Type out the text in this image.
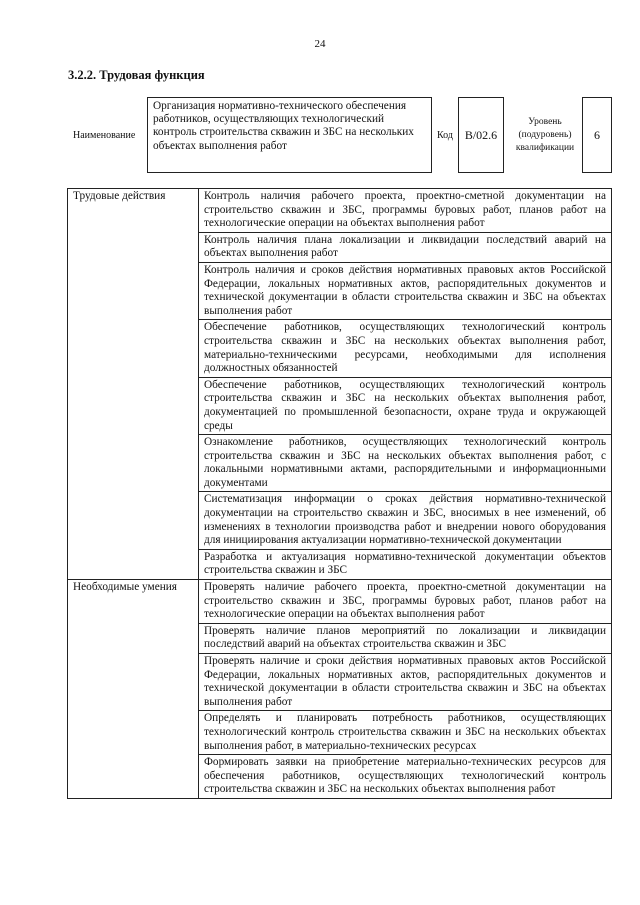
24
3.2.2. Трудовая функция
Наименование
Организация нормативно-технического обеспечения работников, осуществляющих технологический контроль строительства скважин и ЗБС на нескольких объектах выполнения работ
Код В/02.6
Уровень
(подуровень)
квалификации
6
Трудовые действия	Контроль наличия рабочего проекта, проектно-сметной документации на строительство скважин и ЗБС, программы буровых работ, планов работ на технологические операции на объектах выполнения работ
	Контроль наличия плана локализации и ликвидации последствий аварий на объектах выполнения работ
	Контроль наличия и сроков действия нормативных правовых актов Российской Федерации, локальных нормативных актов, распорядительных документов и технической документации в области строительства скважин и ЗБС на объектах выполнения работ
	Обеспечение работников, осуществляющих технологический контроль строительства скважин и ЗБС на нескольких объектах выполнения работ, материально-техническими ресурсами, необходимыми для исполнения должностных обязанностей
	Обеспечение работников, осуществляющих технологический контроль строительства скважин и ЗБС на нескольких объектах выполнения работ, документацией по промышленной безопасности, охране труда и окружающей среды
	Ознакомление работников, осуществляющих технологический контроль строительства скважин и ЗБС на нескольких объектах выполнения работ, с локальными нормативными актами, распорядительными и информационными документами
	Систематизация информации о сроках действия нормативно-технической документации на строительство скважин и ЗБС, вносимых в нее изменений, об изменениях в технологии производства работ и внедрении нового оборудования для инициирования актуализации нормативно-технической документации
	Разработка и актуализация нормативно-технической документации объектов строительства скважин и ЗБС
Необходимые умения	Проверять наличие рабочего проекта, проектно-сметной документации на строительство скважин и ЗБС, программы буровых работ, планов работ на технологические операции на объектах выполнения работ
	Проверять наличие планов мероприятий по локализации и ликвидации последствий аварий на объектах строительства скважин и ЗБС
	Проверять наличие и сроки действия нормативных правовых актов Российской Федерации, локальных нормативных актов, распорядительных документов и технической документации в области строительства скважин и ЗБС на объектах выполнения работ
	Определять и планировать потребность работников, осуществляющих технологический контроль строительства скважин и ЗБС на нескольких объектах выполнения работ, в материально-технических ресурсах
	Формировать заявки на приобретение материально-технических ресурсов для обеспечения работников, осуществляющих технологический контроль строительства скважин и ЗБС на нескольких объектах выполнения работ
